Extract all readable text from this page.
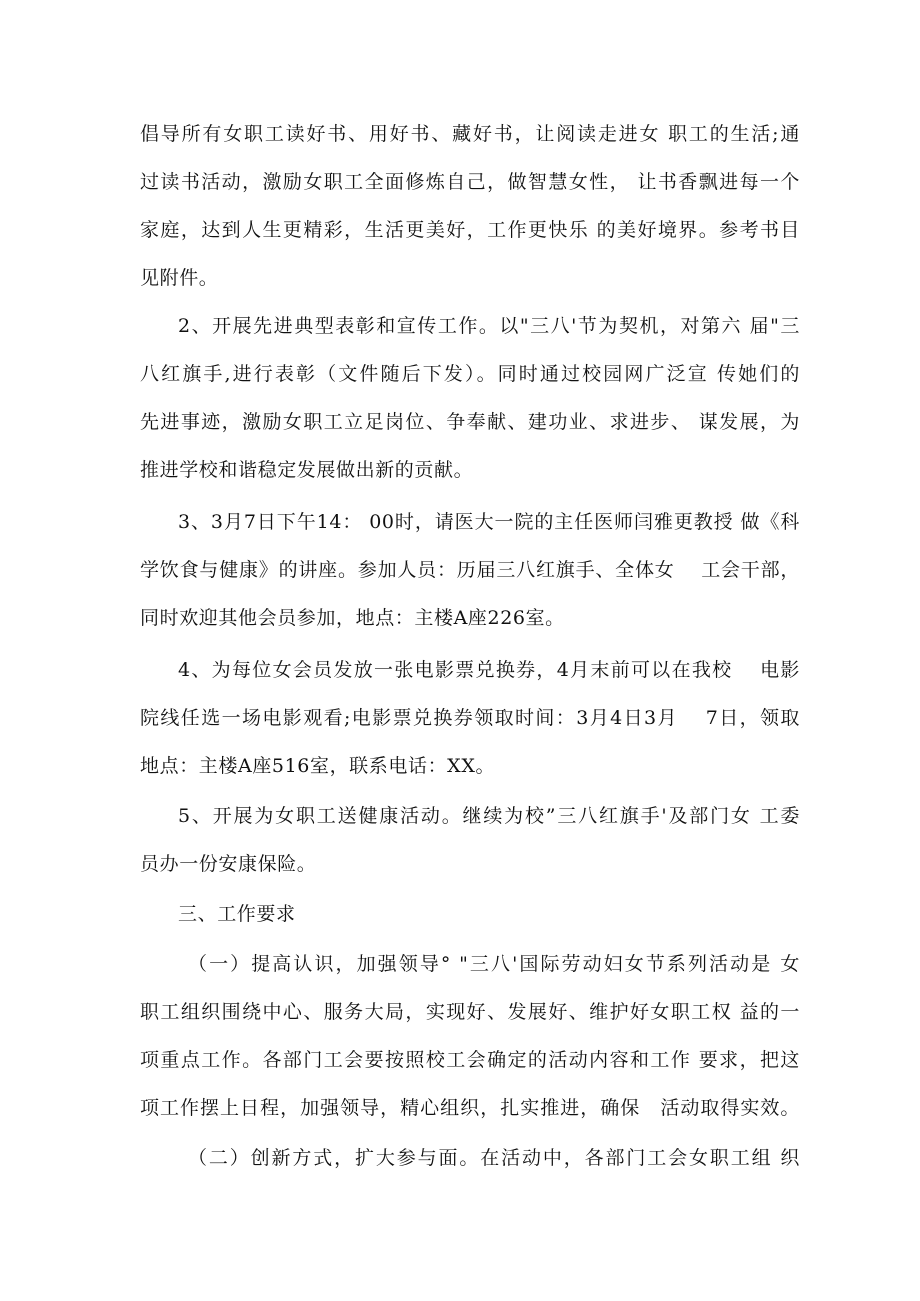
倡导所有女职工读好书、用好书、藏好书，让阅读走进女 职工的生活;通
过读书活动，激励女职工全面修炼自己，做智慧女性， 让书香飘进每一个
家庭，达到人生更精彩，生活更美好，工作更快乐 的美好境界。参考书目
见附件。
2、开展先进典型表彰和宣传工作。以"三八'节为契机，对第六 届"三
八红旗手,进行表彰（文件随后下发）。同时通过校园网广泛宣 传她们的
先进事迹，激励女职工立足岗位、争奉献、建功业、求进步、 谋发展，为
推进学校和谐稳定发展做出新的贡献。
3、3月7日下午14： 00时，请医大一院的主任医师闫雅更教授 做《科
学饮食与健康》的讲座。参加人员：历届三八红旗手、全体女　 工会干部，
同时欢迎其他会员参加，地点：主楼A座226室。
4、为每位女会员发放一张电影票兑换券，4月末前可以在我校　 电影
院线任选一场电影观看;电影票兑换券领取时间：3月4日3月　 7日，领取
地点：主楼A座516室，联系电话：XX。
5、开展为女职工送健康活动。继续为校”三八红旗手'及部门女 工委
员办一份安康保险。
三、工作要求
（一）提高认识，加强领导° "三八'国际劳动妇女节系列活动是 女
职工组织围绕中心、服务大局，实现好、发展好、维护好女职工权 益的一
项重点工作。各部门工会要按照校工会确定的活动内容和工作 要求，把这
项工作摆上日程，加强领导，精心组织，扎实推进，确保　活动取得实效。
（二）创新方式，扩大参与面。在活动中，各部门工会女职工组 织
